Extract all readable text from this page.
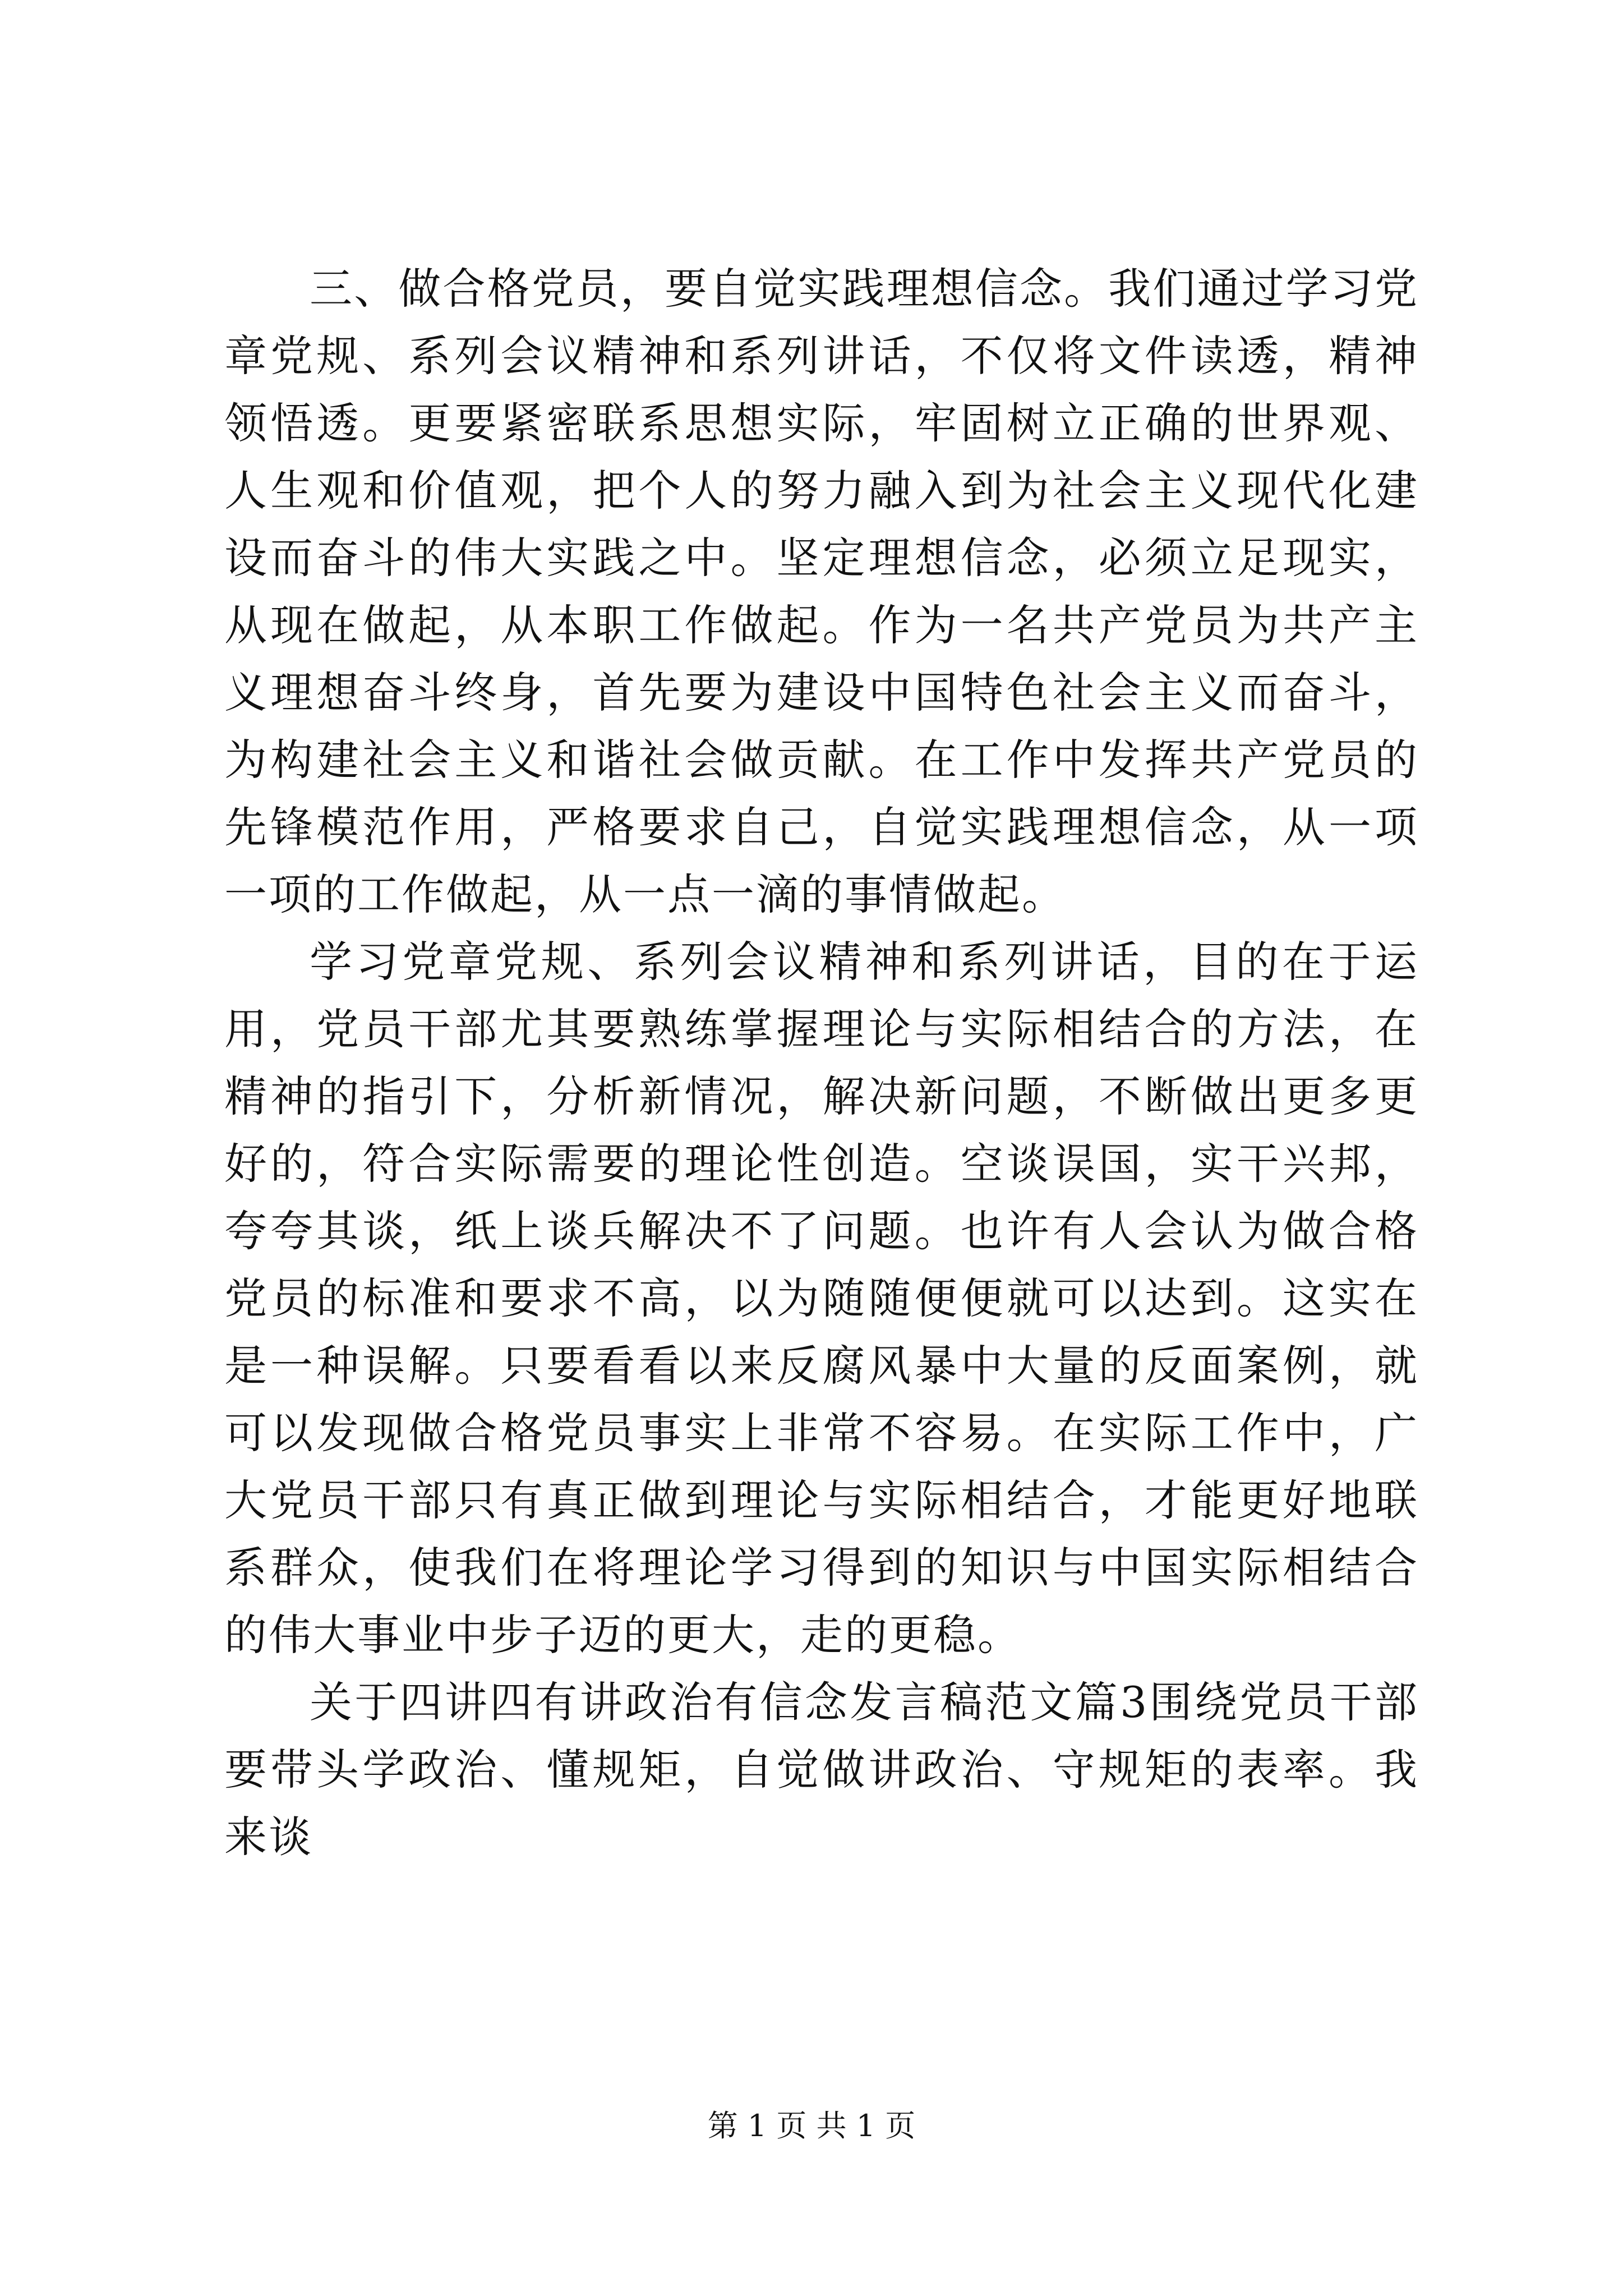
三、做合格党员，要自觉实践理想信念。我们通过学习党章党规、系列会议精神和系列讲话，不仅将文件读透，精神领悟透。更要紧密联系思想实际，牢固树立正确的世界观、人生观和价值观，把个人的努力融入到为社会主义现代化建设而奋斗的伟大实践之中。坚定理想信念，必须立足现实，从现在做起，从本职工作做起。作为一名共产党员为共产主义理想奋斗终身，首先要为建设中国特色社会主义而奋斗，为构建社会主义和谐社会做贡献。在工作中发挥共产党员的先锋模范作用，严格要求自己，自觉实践理想信念，从一项一项的工作做起，从一点一滴的事情做起。

学习党章党规、系列会议精神和系列讲话，目的在于运用，党员干部尤其要熟练掌握理论与实际相结合的方法，在精神的指引下，分析新情况，解决新问题，不断做出更多更好的，符合实际需要的理论性创造。空谈误国，实干兴邦，夸夸其谈，纸上谈兵解决不了问题。也许有人会认为做合格党员的标准和要求不高，以为随随便便就可以达到。这实在是一种误解。只要看看以来反腐风暴中大量的反面案例，就可以发现做合格党员事实上非常不容易。在实际工作中，广大党员干部只有真正做到理论与实际相结合，才能更好地联系群众，使我们在将理论学习得到的知识与中国实际相结合的伟大事业中步子迈的更大，走的更稳。

关于四讲四有讲政治有信念发言稿范文篇3围绕党员干部要带头学政治、懂规矩，自觉做讲政治、守规矩的表率。我来谈

第 1 页 共 1 页
